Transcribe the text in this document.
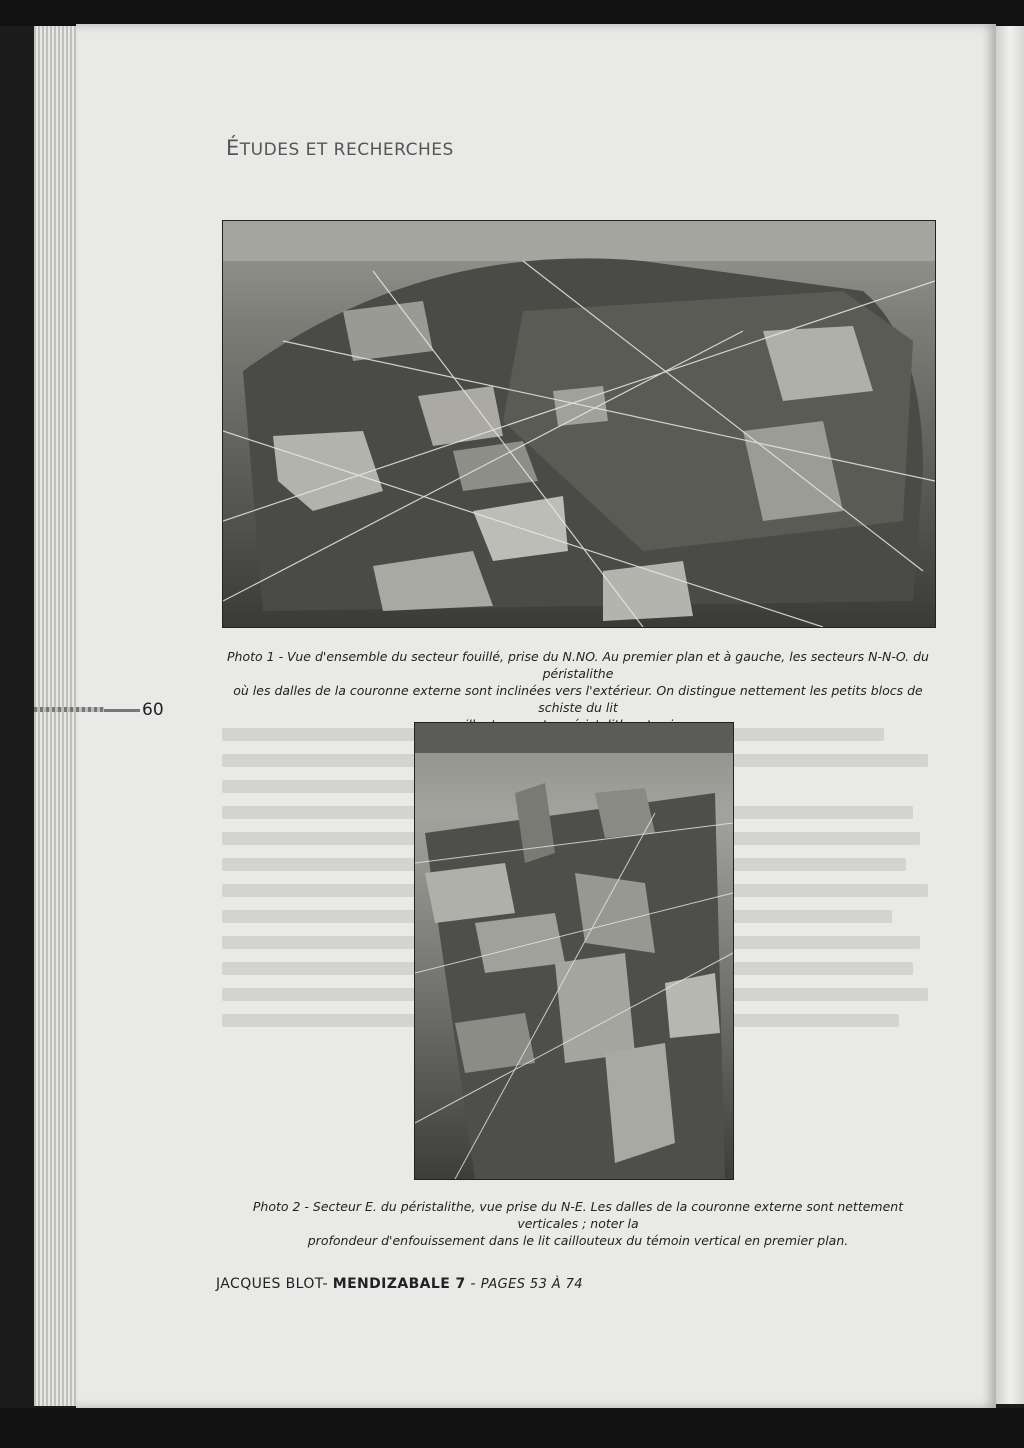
ÉTUDES ET RECHERCHES
Photo 1 - Vue d'ensemble du secteur fouillé, prise du N.NO. Au premier plan et à gauche, les secteurs N-N-O. du péristalithe
où les dalles de la couronne externe sont inclinées vers l'extérieur. On distingue nettement les petits blocs de schiste du lit
60
Photo 2 - Secteur E. du péristalithe, vue prise du N-E. Les dalles de la couronne externe sont nettement verticales ; noter la
profondeur d'enfouissement dans le lit caillouteux du témoin vertical en premier plan.
JACQUES BLOT- MENDIZABALE 7 - PAGES 53 À 74
